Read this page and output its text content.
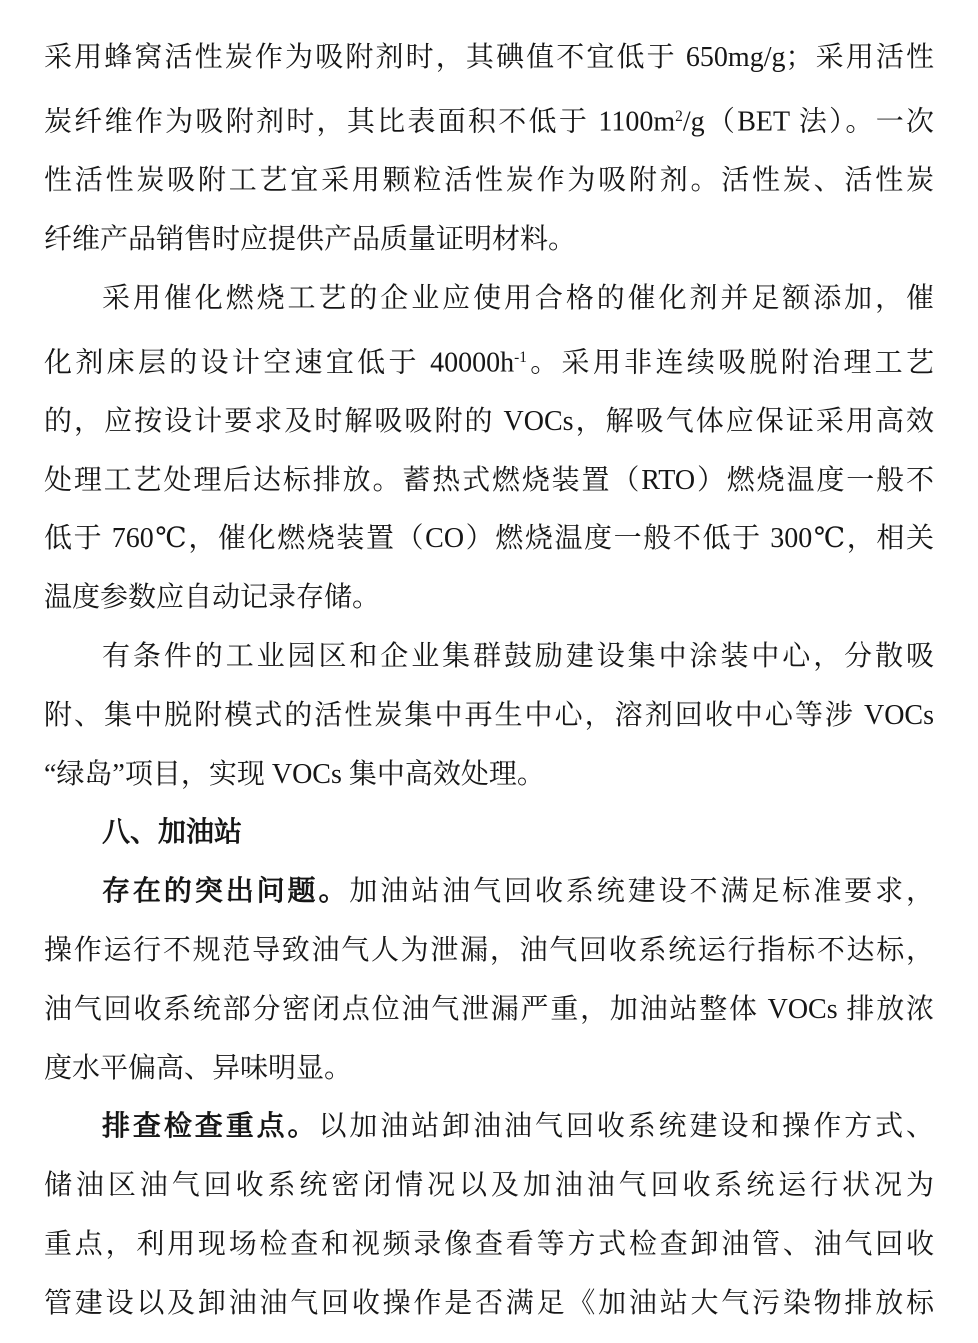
采用蜂窝活性炭作为吸附剂时，其碘值不宜低于 650mg/g；采用活性
炭纤维作为吸附剂时，其比表面积不低于 $1100m^2/g(BET$ 法）。一次
性活性炭吸附工艺宜采用颗粒活性炭作为吸附剂。活性炭、活性炭
纤维产品销售时应提供产品质量证明材料。
采用催化燃烧工艺的企业应使用合格的催化剂并足额添加，催
化剂床层的设计空速宜低于 $40000h^{-1}$。采用非连续吸脱附治理工艺
的，应按设计要求及时解吸吸附的 VOCs，解吸气体应保证采用高效
处理工艺处理后达标排放。蓄热式燃烧装置（RTO）燃烧温度一般不
低于 760℃，催化燃烧装置（CO）燃烧温度一般不低于 300℃，相关
温度参数应自动记录存储。
有条件的工业园区和企业集群鼓励建设集中涂装中心，分散吸
附、集中脱附模式的活性炭集中再生中心，溶剂回收中心等涉 VOCs
“绿岛”项目，实现 VOCs 集中高效处理。
八、加油站
存在的突出问题。加油站油气回收系统建设不满足标准要求，
操作运行不规范导致油气人为泄漏，油气回收系统运行指标不达标，
油气回收系统部分密闭点位油气泄漏严重，加油站整体 VOCs 排放浓
度水平偏高、异味明显。
排查检查重点。以加油站卸油油气回收系统建设和操作方式、
储油区油气回收系统密闭情况以及加油油气回收系统运行状况为
重点，利用现场检查和视频录像查看等方式检查卸油管、油气回收
管建设以及卸油油气回收操作是否满足《加油站大气污染物排放标
